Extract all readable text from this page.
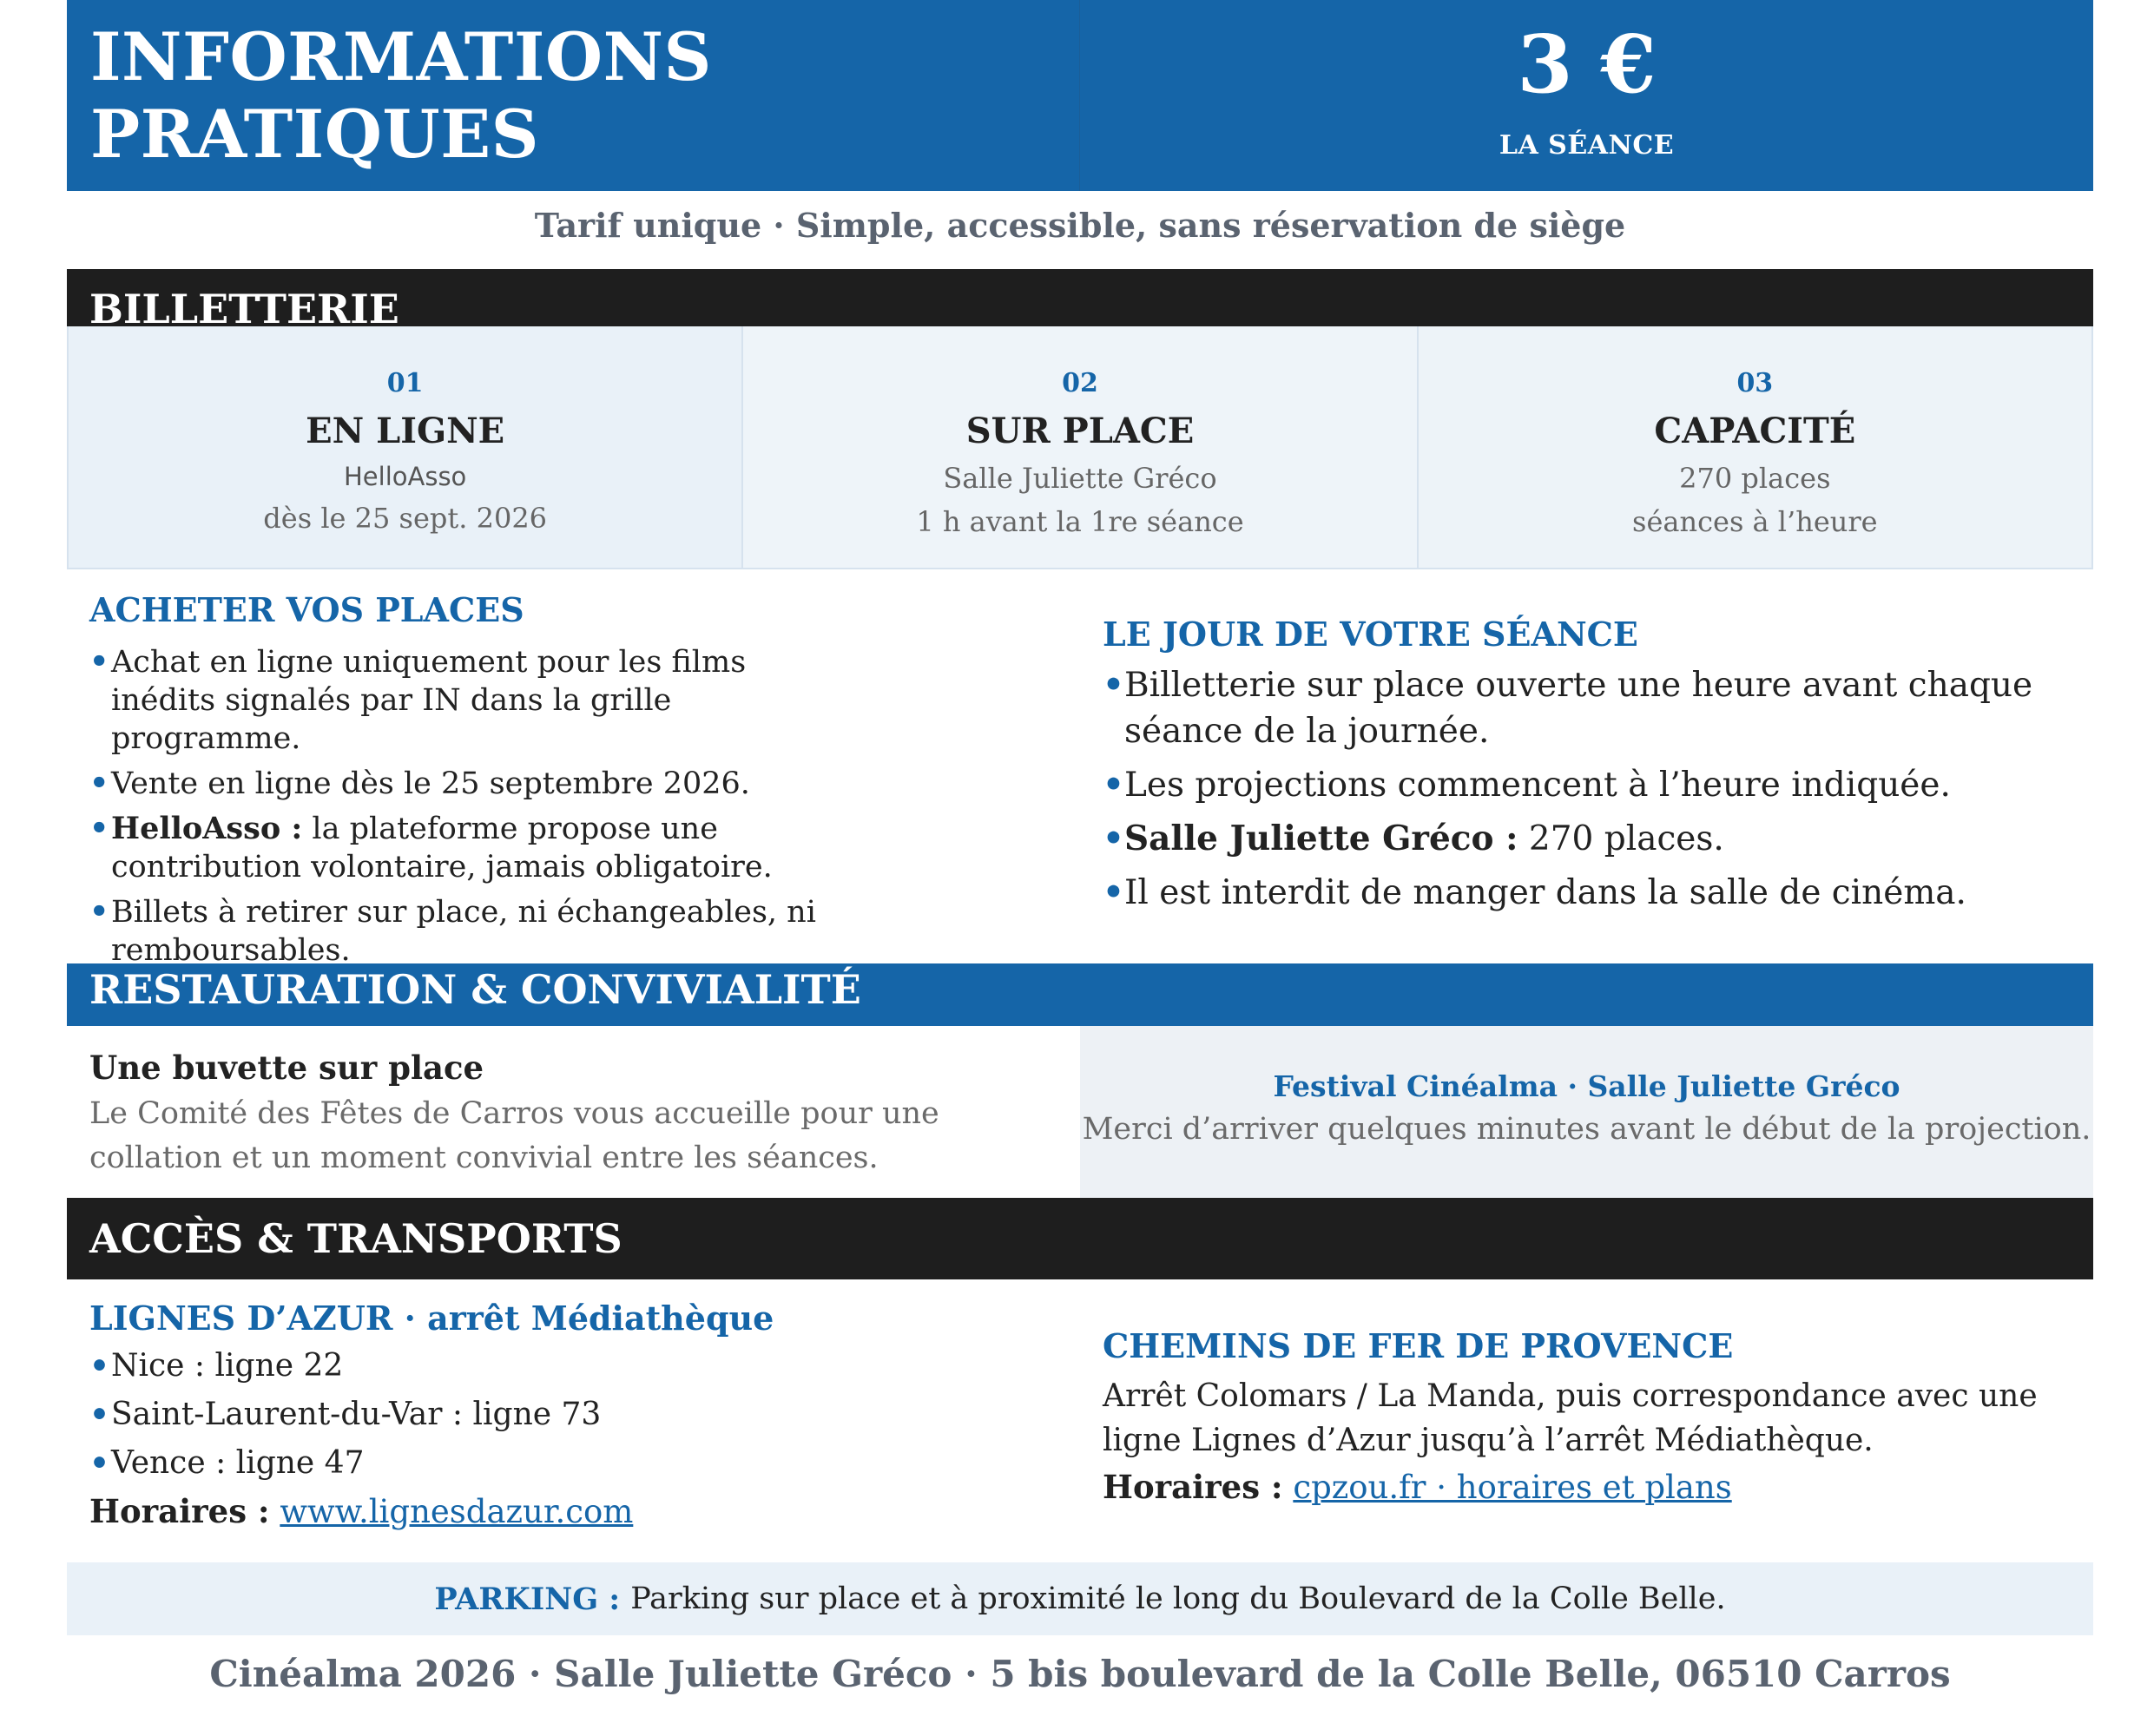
INFORMATIONS PRATIQUES
3 €
LA SÉANCE
Tarif unique · Simple, accessible, sans réservation de siège
BILLETTERIE
01
EN LIGNE
HelloAsso
dès le 25 sept. 2026
02
SUR PLACE
Salle Juliette Gréco
1 h avant la 1re séance
03
CAPACITÉ
270 places
séances à l’heure
ACHETER VOS PLACES
• Achat en ligne uniquement pour les films inédits signalés par IN dans la grille programme.
• Vente en ligne dès le 25 septembre 2026.
• HelloAsso : la plateforme propose une contribution volontaire, jamais obligatoire.
• Billets à retirer sur place, ni échangeables, ni remboursables.
LE JOUR DE VOTRE SÉANCE
• Billetterie sur place ouverte une heure avant chaque séance de la journée.
• Les projections commencent à l’heure indiquée.
• Salle Juliette Gréco : 270 places.
• Il est interdit de manger dans la salle de cinéma.
RESTAURATION & CONVIVIALITÉ
Une buvette sur place
Le Comité des Fêtes de Carros vous accueille pour une collation et un moment convivial entre les séances.
Festival Cinéalma · Salle Juliette Gréco
Merci d’arriver quelques minutes avant le début de la projection.
ACCÈS & TRANSPORTS
LIGNES D’AZUR · arrêt Médiathèque
• Nice : ligne 22
• Saint-Laurent-du-Var : ligne 73
• Vence : ligne 47
Horaires : www.lignesdazur.com
CHEMINS DE FER DE PROVENCE
Arrêt Colomars / La Manda, puis correspondance avec une ligne Lignes d’Azur jusqu’à l’arrêt Médiathèque.
Horaires : cpzou.fr · horaires et plans
PARKING : Parking sur place et à proximité le long du Boulevard de la Colle Belle.
Cinéalma 2026 · Salle Juliette Gréco · 5 bis boulevard de la Colle Belle, 06510 Carros
